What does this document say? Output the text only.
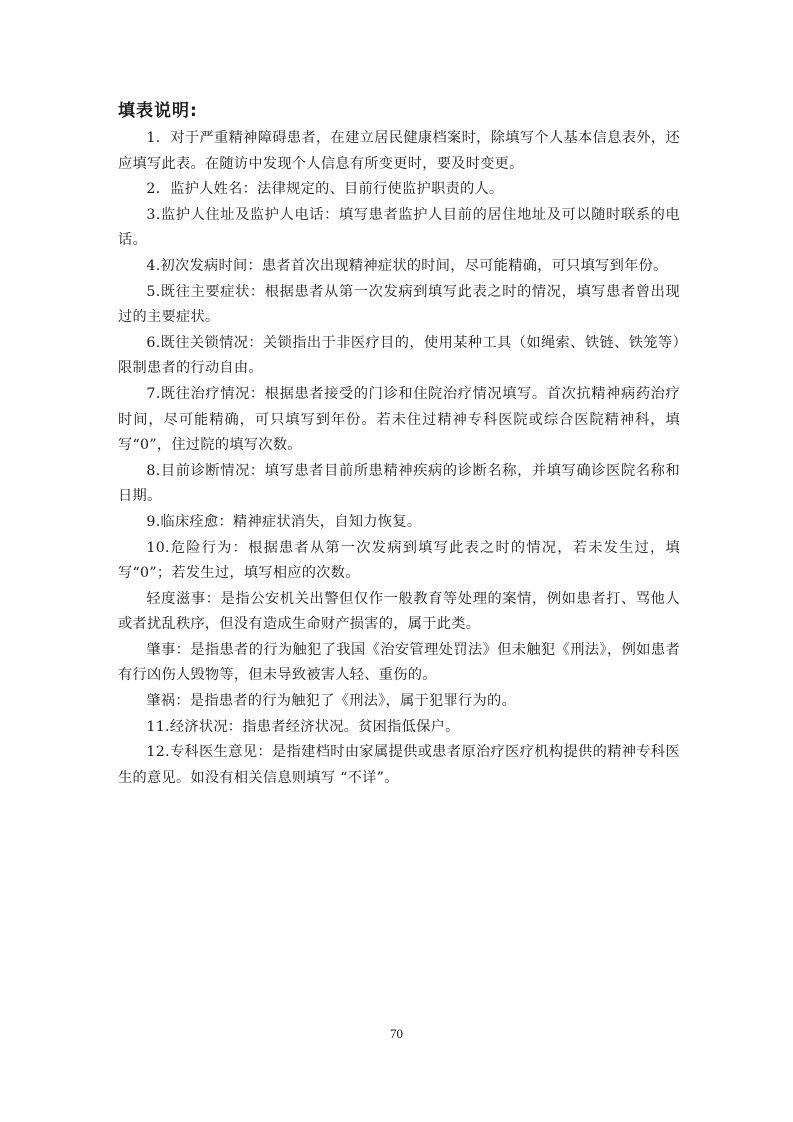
填表说明:

1．对于严重精神障碍患者，在建立居民健康档案时，除填写个人基本信息表外，还应填写此表。在随访中发现个人信息有所变更时，要及时变更。

2．监护人姓名：法律规定的、目前行使监护职责的人。

3.监护人住址及监护人电话：填写患者监护人目前的居住地址及可以随时联系的电话。

4.初次发病时间：患者首次出现精神症状的时间，尽可能精确，可只填写到年份。

5.既往主要症状：根据患者从第一次发病到填写此表之时的情况，填写患者曾出现过的主要症状。

6.既往关锁情况：关锁指出于非医疗目的，使用某种工具（如绳索、铁链、铁笼等）限制患者的行动自由。

7.既往治疗情况：根据患者接受的门诊和住院治疗情况填写。首次抗精神病药治疗时间，尽可能精确，可只填写到年份。若未住过精神专科医院或综合医院精神科，填写“0”，住过院的填写次数。

8.目前诊断情况：填写患者目前所患精神疾病的诊断名称，并填写确诊医院名称和日期。

9.临床痊愈：精神症状消失，自知力恢复。

10.危险行为：根据患者从第一次发病到填写此表之时的情况，若未发生过，填写“0”；若发生过，填写相应的次数。

轻度滋事：是指公安机关出警但仅作一般教育等处理的案情，例如患者打、骂他人或者扰乱秩序，但没有造成生命财产损害的，属于此类。

肇事：是指患者的行为触犯了我国《治安管理处罚法》但未触犯《刑法》，例如患者有行凶伤人毁物等，但未导致被害人轻、重伤的。

肇祸：是指患者的行为触犯了《刑法》，属于犯罪行为的。

11.经济状况：指患者经济状况。贫困指低保户。

12.专科医生意见：是指建档时由家属提供或患者原治疗医疗机构提供的精神专科医生的意见。如没有相关信息则填写 “不详”。

70
